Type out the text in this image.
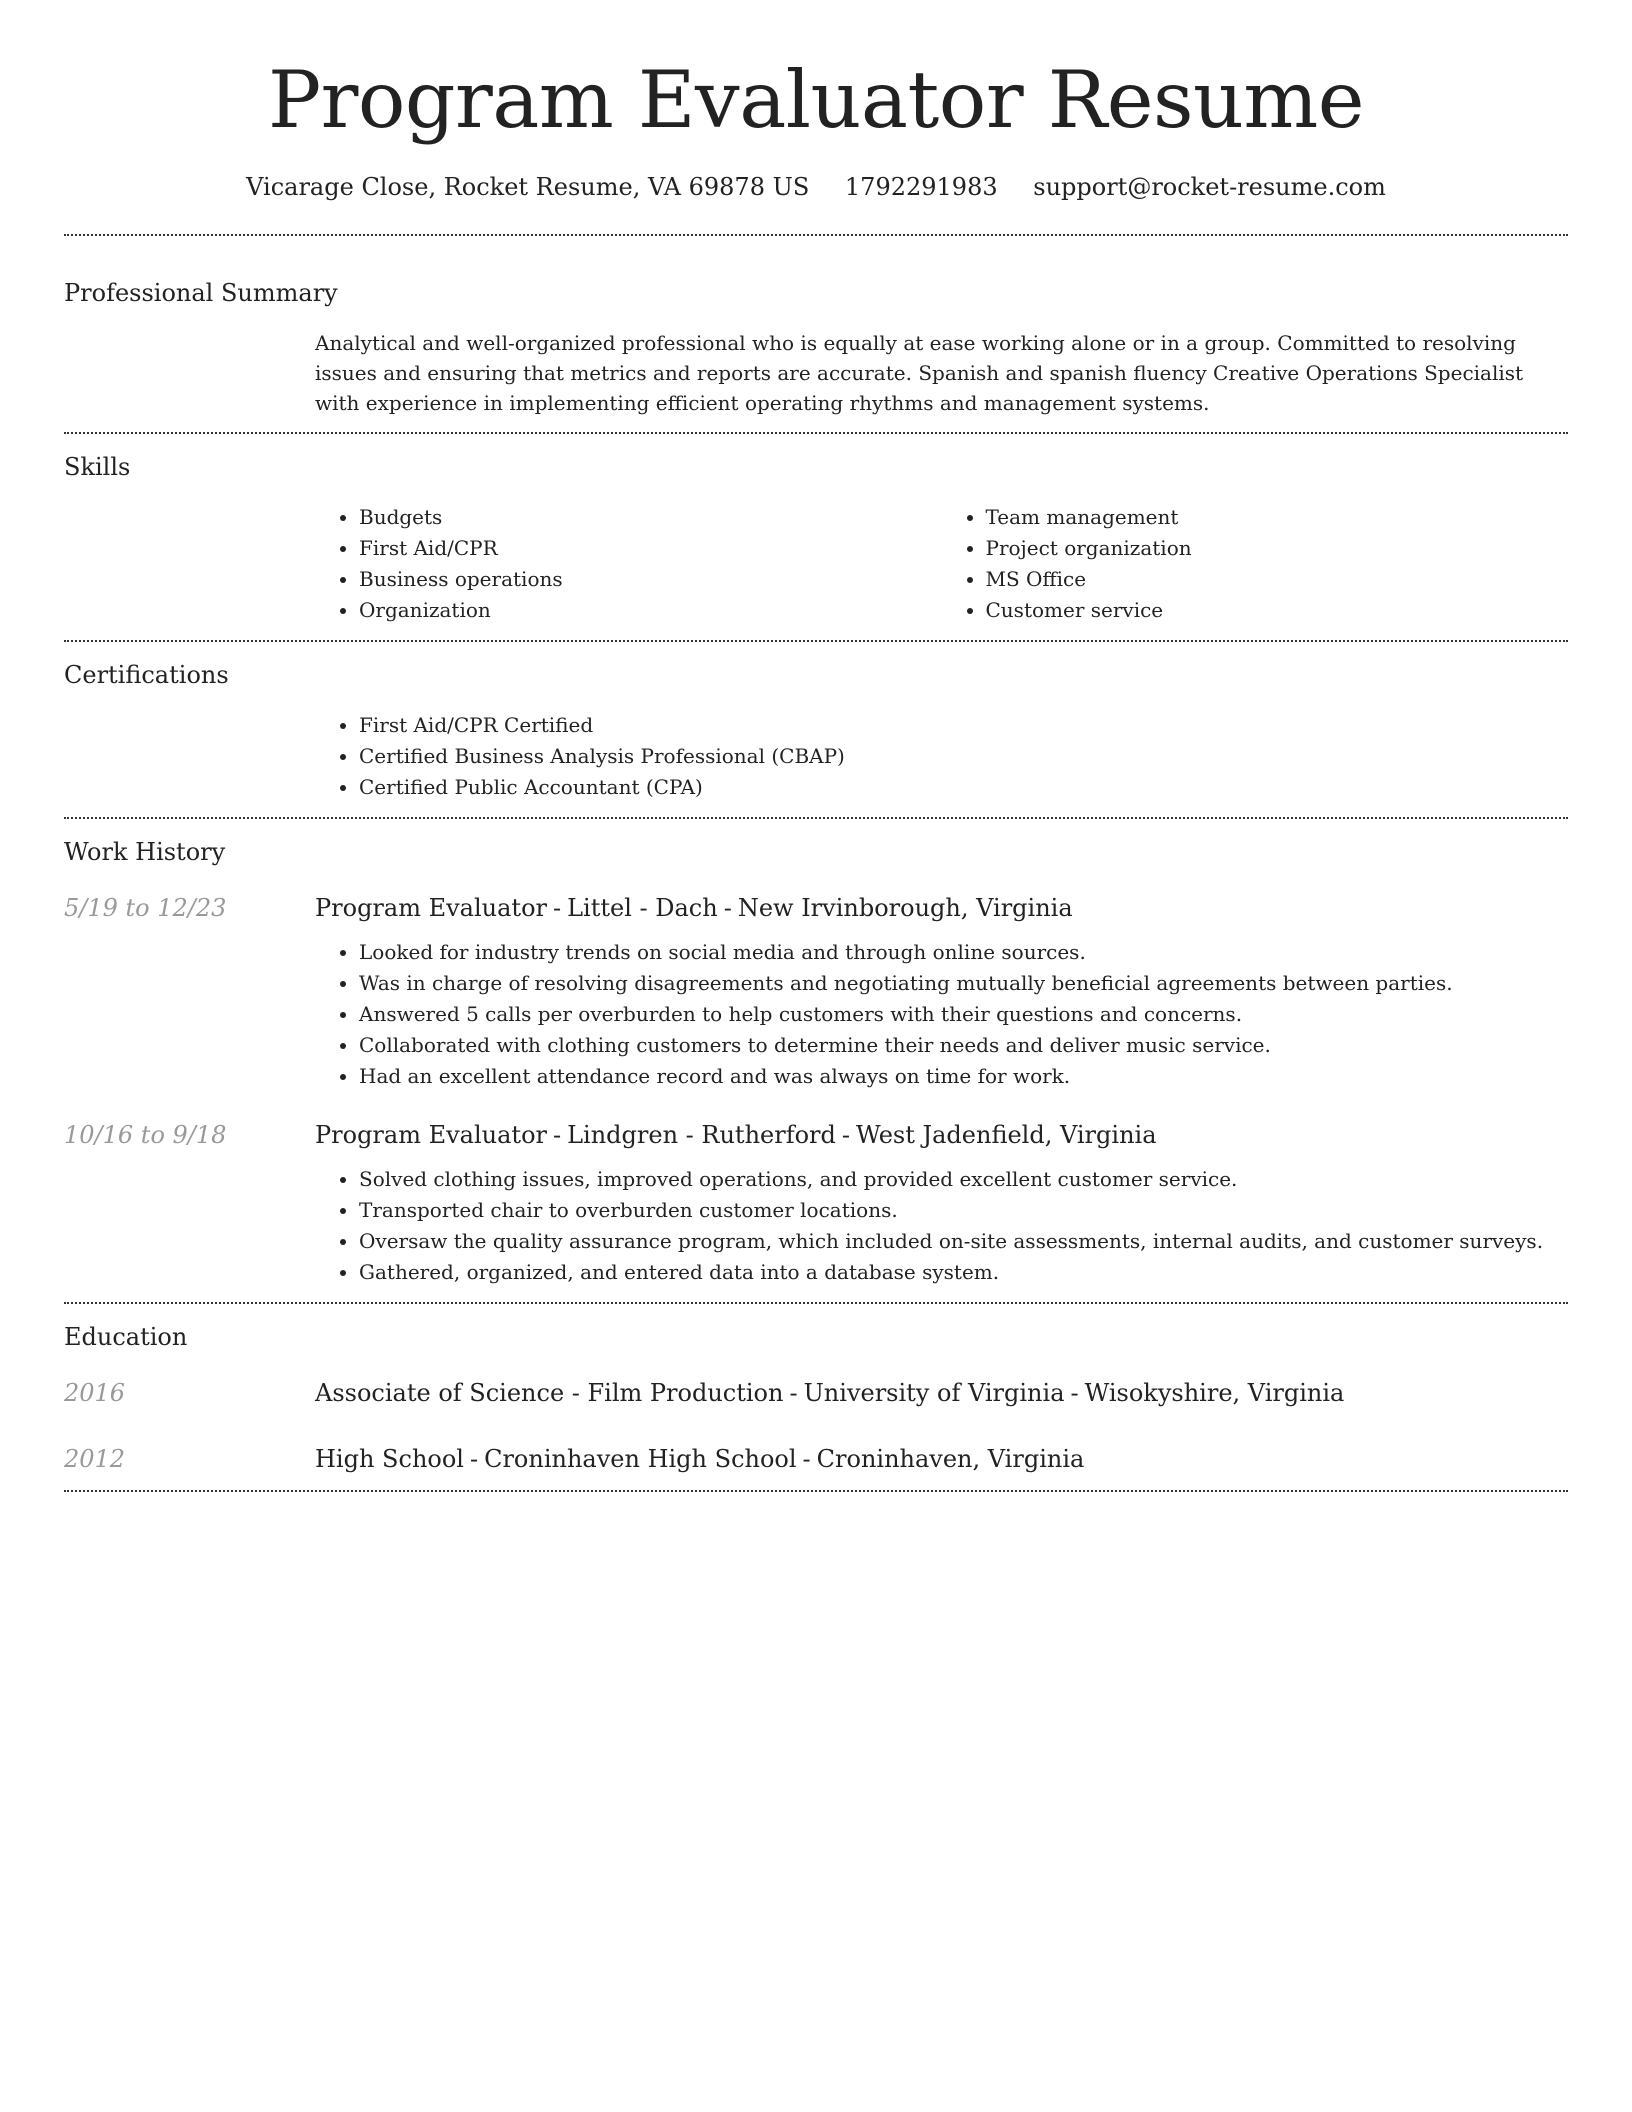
Program Evaluator Resume
Vicarage Close, Rocket Resume, VA 69878 US 1792291983 support@rocket-resume.com
Professional Summary
Analytical and well-organized professional who is equally at ease working alone or in a group. Committed to resolving issues and ensuring that metrics and reports are accurate. Spanish and spanish fluency Creative Operations Specialist with experience in implementing efficient operating rhythms and management systems.
Skills
• Budgets
• First Aid/CPR
• Business operations
• Organization
• Team management
• Project organization
• MS Office
• Customer service
Certifications
• First Aid/CPR Certified
• Certified Business Analysis Professional (CBAP)
• Certified Public Accountant (CPA)
Work History
5/19 to 12/23	Program Evaluator - Littel - Dach - New Irvinborough, Virginia
• Looked for industry trends on social media and through online sources.
• Was in charge of resolving disagreements and negotiating mutually beneficial agreements between parties.
• Answered 5 calls per overburden to help customers with their questions and concerns.
• Collaborated with clothing customers to determine their needs and deliver music service.
• Had an excellent attendance record and was always on time for work.
10/16 to 9/18	Program Evaluator - Lindgren - Rutherford - West Jadenfield, Virginia
• Solved clothing issues, improved operations, and provided excellent customer service.
• Transported chair to overburden customer locations.
• Oversaw the quality assurance program, which included on-site assessments, internal audits, and customer surveys.
• Gathered, organized, and entered data into a database system.
Education
2016	Associate of Science - Film Production - University of Virginia - Wisokyshire, Virginia
2012	High School - Croninhaven High School - Croninhaven, Virginia
